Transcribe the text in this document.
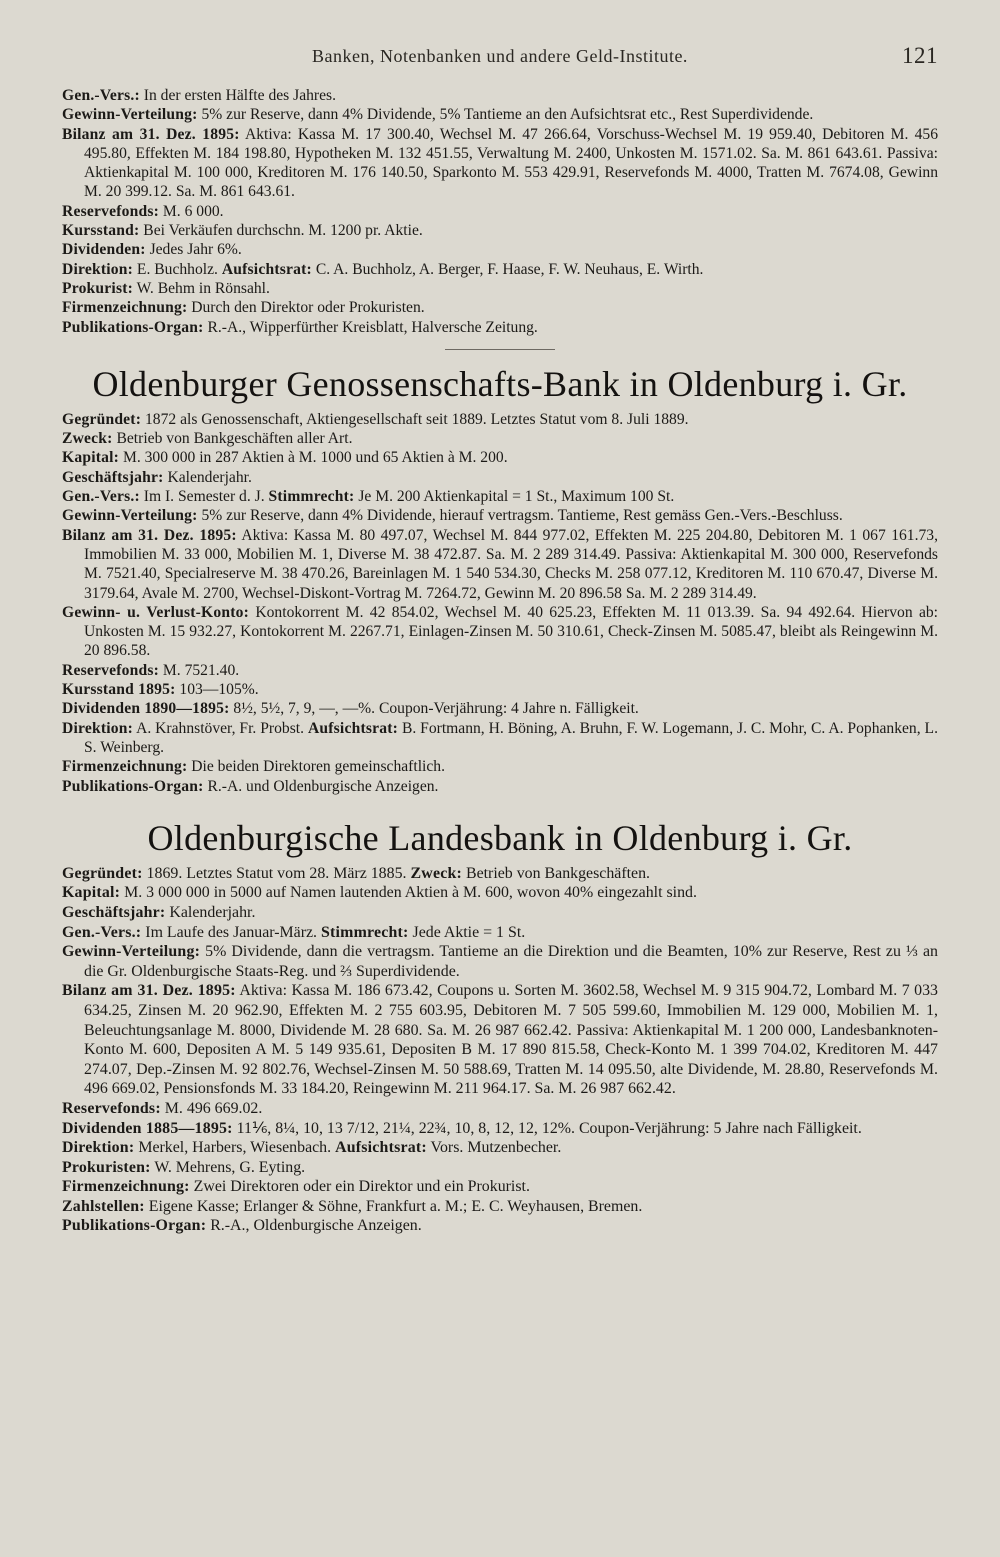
Banken, Notenbanken und andere Geld-Institute.	121

Gen.-Vers.: In der ersten Hälfte des Jahres.

Gewinn-Verteilung: 5% zur Reserve, dann 4% Dividende, 5% Tantieme an den Aufsichtsrat etc., Rest Superdividende.

Bilanz am 31. Dez. 1895: Aktiva: Kassa M. 17 300.40, Wechsel M. 47 266.64, Vorschuss-Wechsel M. 19 959.40, Debitoren M. 456 495.80, Effekten M. 184 198.80, Hypotheken M. 132 451.55, Verwaltung M. 2400, Unkosten M. 1571.02. Sa. M. 861 643.61. Passiva: Aktienkapital M. 100 000, Kreditoren M. 176 140.50, Sparkonto M. 553 429.91, Reservefonds M. 4000, Tratten M. 7674.08, Gewinn M. 20 399.12. Sa. M. 861 643.61.

Reservefonds: M. 6 000.

Kursstand: Bei Verkäufen durchschn. M. 1200 pr. Aktie.

Dividenden: Jedes Jahr 6%.

Direktion: E. Buchholz. Aufsichtsrat: C. A. Buchholz, A. Berger, F. Haase, F. W. Neuhaus, E. Wirth.

Prokurist: W. Behm in Rönsahl.

Firmenzeichnung: Durch den Direktor oder Prokuristen.

Publikations-Organ: R.-A., Wipperfürther Kreisblatt, Halversche Zeitung.

Oldenburger Genossenschafts-Bank in Oldenburg i. Gr.

Gegründet: 1872 als Genossenschaft, Aktiengesellschaft seit 1889. Letztes Statut vom 8. Juli 1889.

Zweck: Betrieb von Bankgeschäften aller Art.

Kapital: M. 300 000 in 287 Aktien à M. 1000 und 65 Aktien à M. 200.

Geschäftsjahr: Kalenderjahr.

Gen.-Vers.: Im I. Semester d. J. Stimmrecht: Je M. 200 Aktienkapital = 1 St., Maximum 100 St.

Gewinn-Verteilung: 5% zur Reserve, dann 4% Dividende, hierauf vertragsm. Tantieme, Rest gemäss Gen.-Vers.-Beschluss.

Bilanz am 31. Dez. 1895: Aktiva: Kassa M. 80 497.07, Wechsel M. 844 977.02, Effekten M. 225 204.80, Debitoren M. 1 067 161.73, Immobilien M. 33 000, Mobilien M. 1, Diverse M. 38 472.87. Sa. M. 2 289 314.49. Passiva: Aktienkapital M. 300 000, Reservefonds M. 7521.40, Specialreserve M. 38 470.26, Bareinlagen M. 1 540 534.30, Checks M. 258 077.12, Kreditoren M. 110 670.47, Diverse M. 3179.64, Avale M. 2700, Wechsel-Diskont-Vortrag M. 7264.72, Gewinn M. 20 896.58 Sa. M. 2 289 314.49.

Gewinn- u. Verlust-Konto: Kontokorrent M. 42 854.02, Wechsel M. 40 625.23, Effekten M. 11 013.39. Sa. 94 492.64. Hiervon ab: Unkosten M. 15 932.27, Kontokorrent M. 2267.71, Einlagen-Zinsen M. 50 310.61, Check-Zinsen M. 5085.47, bleibt als Reingewinn M. 20 896.58.

Reservefonds: M. 7521.40.

Kursstand 1895: 103—105%.

Dividenden 1890—1895: 8½, 5½, 7, 9, —, —%. Coupon-Verjährung: 4 Jahre n. Fälligkeit.

Direktion: A. Krahnstöver, Fr. Probst. Aufsichtsrat: B. Fortmann, H. Böning, A. Bruhn, F. W. Logemann, J. C. Mohr, C. A. Pophanken, L. S. Weinberg.

Firmenzeichnung: Die beiden Direktoren gemeinschaftlich.

Publikations-Organ: R.-A. und Oldenburgische Anzeigen.

Oldenburgische Landesbank in Oldenburg i. Gr.

Gegründet: 1869. Letztes Statut vom 28. März 1885. Zweck: Betrieb von Bankgeschäften.

Kapital: M. 3 000 000 in 5000 auf Namen lautenden Aktien à M. 600, wovon 40% eingezahlt sind.

Geschäftsjahr: Kalenderjahr.

Gen.-Vers.: Im Laufe des Januar-März. Stimmrecht: Jede Aktie = 1 St.

Gewinn-Verteilung: 5% Dividende, dann die vertragsm. Tantieme an die Direktion und die Beamten, 10% zur Reserve, Rest zu ⅓ an die Gr. Oldenburgische Staats-Reg. und ⅔ Superdividende.

Bilanz am 31. Dez. 1895: Aktiva: Kassa M. 186 673.42, Coupons u. Sorten M. 3602.58, Wechsel M. 9 315 904.72, Lombard M. 7 033 634.25, Zinsen M. 20 962.90, Effekten M. 2 755 603.95, Debitoren M. 7 505 599.60, Immobilien M. 129 000, Mobilien M. 1, Beleuchtungsanlage M. 8000, Dividende M. 28 680. Sa. M. 26 987 662.42. Passiva: Aktienkapital M. 1 200 000, Landesbanknoten-Konto M. 600, Depositen A M. 5 149 935.61, Depositen B M. 17 890 815.58, Check-Konto M. 1 399 704.02, Kreditoren M. 447 274.07, Dep.-Zinsen M. 92 802.76, Wechsel-Zinsen M. 50 588.69, Tratten M. 14 095.50, alte Dividende, M. 28.80, Reservefonds M. 496 669.02, Pensionsfonds M. 33 184.20, Reingewinn M. 211 964.17. Sa. M. 26 987 662.42.

Reservefonds: M. 496 669.02.

Dividenden 1885—1895: 11⅙, 8¼, 10, 13 7/12, 21¼, 22¾, 10, 8, 12, 12, 12%. Coupon-Verjährung: 5 Jahre nach Fälligkeit.

Direktion: Merkel, Harbers, Wiesenbach. Aufsichtsrat: Vors. Mutzenbecher.

Prokuristen: W. Mehrens, G. Eyting.

Firmenzeichnung: Zwei Direktoren oder ein Direktor und ein Prokurist.

Zahlstellen: Eigene Kasse; Erlanger & Söhne, Frankfurt a. M.; E. C. Weyhausen, Bremen.

Publikations-Organ: R.-A., Oldenburgische Anzeigen.
